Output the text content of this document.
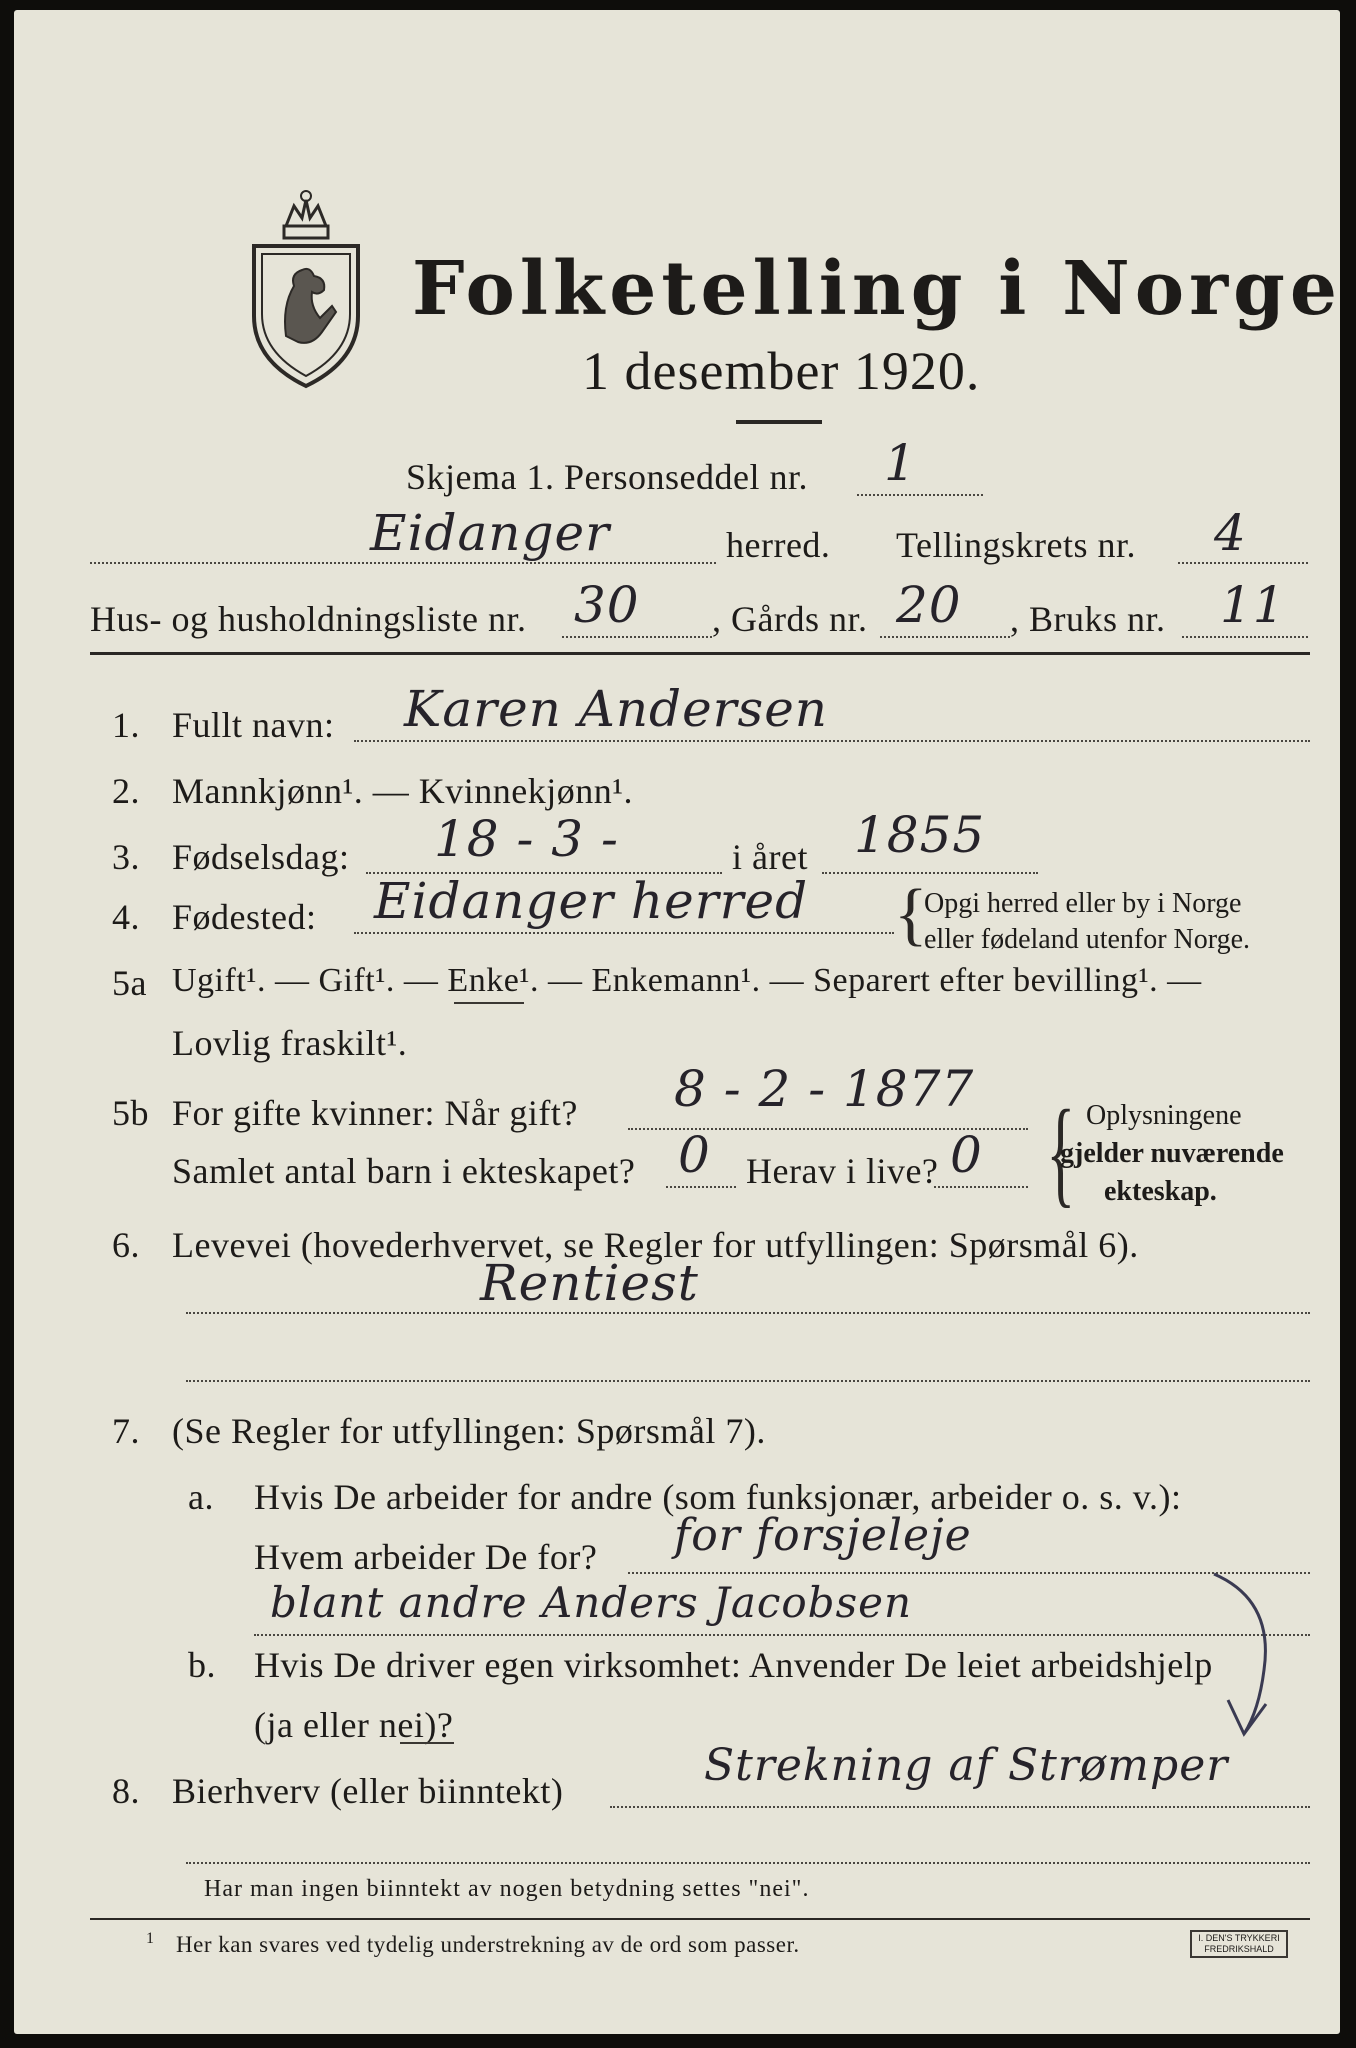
Folketelling i Norge
1 desember 1920.
Skjema 1. Personseddel nr. 1
Eidanger	herred. Tellingskrets nr. 4
Hus- og husholdningsliste nr. 30 , Gårds nr. 20 , Bruks nr. 11
1. Fullt navn: Karen Andersen
2. Mannkjønn¹. — Kvinnekjønn¹.
3. Fødselsdag: 18 - 3 -	i året 1855
4. Fødested: Eidanger herred {
Opgi herred eller by i Norge
eller fødeland utenfor Norge.
5a Ugift¹. — Gift¹. — Enke¹. — Enkemann¹. — Separert efter bevilling¹. —
Lovlig fraskilt¹.
5b For gifte kvinner: Når gift? 8 - 2 - 1877
Samlet antal barn i ekteskapet? 0 Herav i live? 0 { Oplysningene
gjelder nuværende
ekteskap.
6. Levevei (hovederhvervet, se Regler for utfyllingen: Spørsmål 6).
Rentiest
7. (Se Regler for utfyllingen: Spørsmål 7).
a. Hvis De arbeider for andre (som funksjonær, arbeider o. s. v.):
Hvem arbeider De for? for forsjeleje
blant andre Anders Jacobsen
b. Hvis De driver egen virksomhet: Anvender De leiet arbeidshjelp
(ja eller nei)?
8. Bierhverv (eller biinntekt)	Strekning af Strømper
Har man ingen biinntekt av nogen betydning settes "nei".
1 Her kan svares ved tydelig understrekning av de ord som passer.	I. DEN'S TRYKKERI FREDRIKSHALD
